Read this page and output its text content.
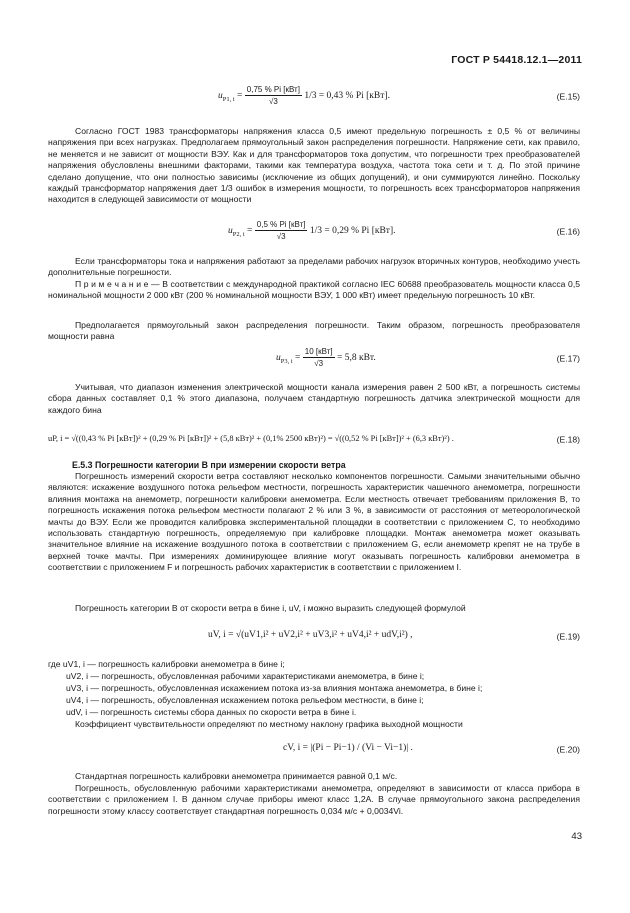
ГОСТ Р 54418.12.1—2011
$u_{P1, i} = \frac{\text{0,75 \% Pi [кВт]}}{√3} 1/3 = 0,43$ % Pi [кВт].	(E.15)
Согласно ГОСТ 1983 трансформаторы напряжения класса 0,5 имеют предельную погрешность ± 0,5 % от величины напряжения при всех нагрузках. Предполагаем прямоугольный закон распределения погрешности. Напряжение сети, как правило, не меняется и не зависит от мощности ВЭУ. Как и для трансформаторов тока допустим, что погрешности трех преобразователей напряжения обусловлены внешними факторами, такими как температура воздуха, частота тока сети и т. д. По этой причине сделано допущение, что они полностью зависимы (исключение из общих допущений), и они суммируются линейно. Поскольку каждый трансформатор напряжения дает 1/3 ошибок в измерения мощности, то погрешность всех трансформаторов напряжения находится в следующей зависимости от мощности
$u_{P2, i} = \frac{\text{0,5 \% Pi [кВт]}}{√3} 1/3 = 0,29$ % Pi [кВт].	(E.16)
Если трансформаторы тока и напряжения работают за пределами рабочих нагрузок вторичных контуров, необходимо учесть дополнительные погрешности.
П р и м е ч а н и е — В соответствии с международной практикой согласно IEC 60688 преобразователь мощности класса 0,5 номинальной мощности 2 000 кВт (200 % номинальной мощности ВЭУ, 1 000 кВт) имеет предельную погрешность 10 кВт.
Предполагается прямоугольный закон распределения погрешности. Таким образом, погрешность преобразователя мощности равна
$u_{P3, i} = \frac{\text{10 [кВт]}}{√3} = 5,8$ кВт.	(E.17)
Учитывая, что диапазон изменения электрической мощности канала измерения равен 2 500 кВт, а погрешность системы сбора данных составляет 0,1 % этого диапазона, получаем стандартную погрешность датчика электрической мощности для каждого бина
uP, i = √((0,43 % Pi [кВт])² + (0,29 % Pi [кВт])² + (5,8 кВт)² + (0,1% 2500 кВт)²) = √((0,52 % Pi [кВт])² + (6,3 кВт)²) .	(E.18)
E.5.3 Погрешности категории В при измерении скорости ветра
Погрешность измерений скорости ветра составляют несколько компонентов погрешности. Самыми значительными обычно являются: искажение воздушного потока рельефом местности, погрешность характеристик чашечного анемометра, погрешности влияния монтажа на анемометр, погрешности калибровки анемометра. Если местность отвечает требованиям приложения В, то погрешность искажения потока рельефом местности полагают 2 % или 3 %, в зависимости от расстояния от метеорологической мачты до ВЭУ. Если же проводится калибровка экспериментальной площадки в соответствии с приложением С, то необходимо использовать стандартную погрешность, определяемую при калибровке площадки. Монтаж анемометра может оказывать значительное влияние на искажение воздушного потока в соответствии с приложением G, если анемометр крепят не на трубе в верхней точке мачты. При измерениях доминирующее влияние могут оказывать погрешность калибровки анемометра в соответствии с приложением F и погрешность рабочих характеристик в соответствии с приложением I.
Погрешность категории В от скорости ветра в бине i, uV, i можно выразить следующей формулой
uV, i = √(uV1,i² + uV2,i² + uV3,i² + uV4,i² + udV,i²) ,	(E.19)
где uV1, i — погрешность калибровки анемометра в бине i;
uV2, i — погрешность, обусловленная рабочими характеристиками анемометра, в бине i;
uV3, i — погрешность, обусловленная искажением потока из-за влияния монтажа анемометра, в бине i;
uV4, i — погрешность, обусловленная искажением потока рельефом местности, в бине i;
udV, i — погрешность системы сбора данных по скорости ветра в бине i.
Коэффициент чувствительности определяют по местному наклону графика выходной мощности
cV, i = |(Pi − Pi−1) / (Vi − Vi−1)| .	(E.20)
Стандартная погрешность калибровки анемометра принимается равной 0,1 м/с.
Погрешность, обусловленную рабочими характеристиками анемометра, определяют в зависимости от класса прибора в соответствии с приложением I. В данном случае приборы имеют класс 1,2А. В случае прямоугольного закона распределения погрешности этому классу соответствует стандартная погрешность 0,034 м/с + 0,0034Vi.
43
